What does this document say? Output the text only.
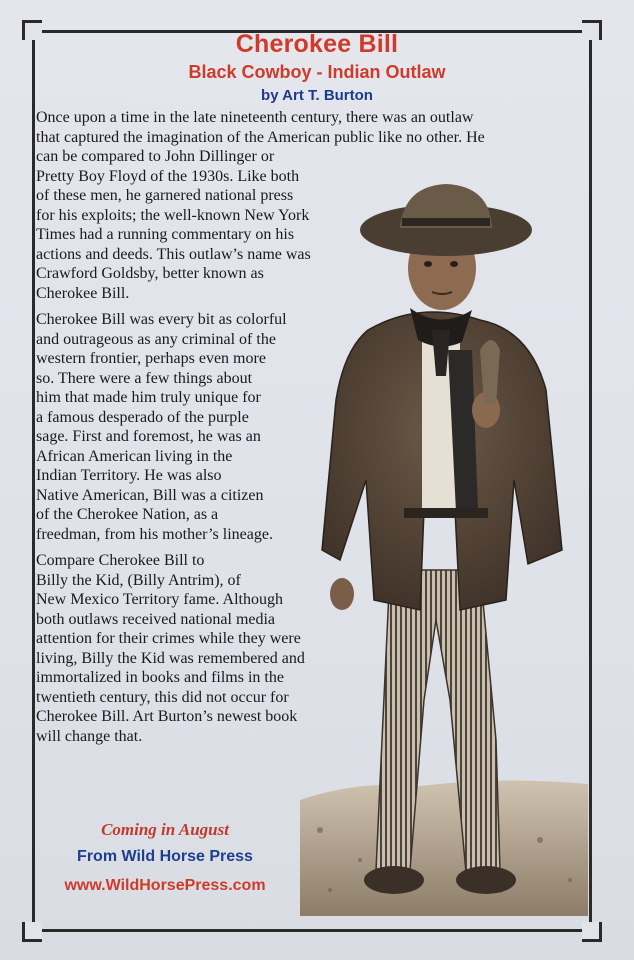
Cherokee Bill
Black Cowboy - Indian Outlaw
by Art T. Burton

Once upon a time in the late nineteenth century, there was an outlaw
that captured the imagination of the American public like no other. He
can be compared to John Dillinger or
Pretty Boy Floyd of the 1930s. Like both
of these men, he garnered national press
for his exploits; the well-known New York
Times had a running commentary on his
actions and deeds. This outlaw’s name was
Crawford Goldsby, better known as
Cherokee Bill.

Cherokee Bill was every bit as colorful
and outrageous as any criminal of the
western frontier, perhaps even more
so. There were a few things about
him that made him truly unique for
a famous desperado of the purple
sage. First and foremost, he was an
African American living in the
Indian Territory. He was also
Native American, Bill was a citizen
of the Cherokee Nation, as a
freedman, from his mother’s lineage.

Compare Cherokee Bill to
Billy the Kid, (Billy Antrim), of
New Mexico Territory fame. Although
both outlaws received national media
attention for their crimes while they were
living, Billy the Kid was remembered and
immortalized in books and films in the
twentieth century, this did not occur for
Cherokee Bill. Art Burton’s newest book
will change that.

Coming in August
From Wild Horse Press
www.WildHorsePress.com
